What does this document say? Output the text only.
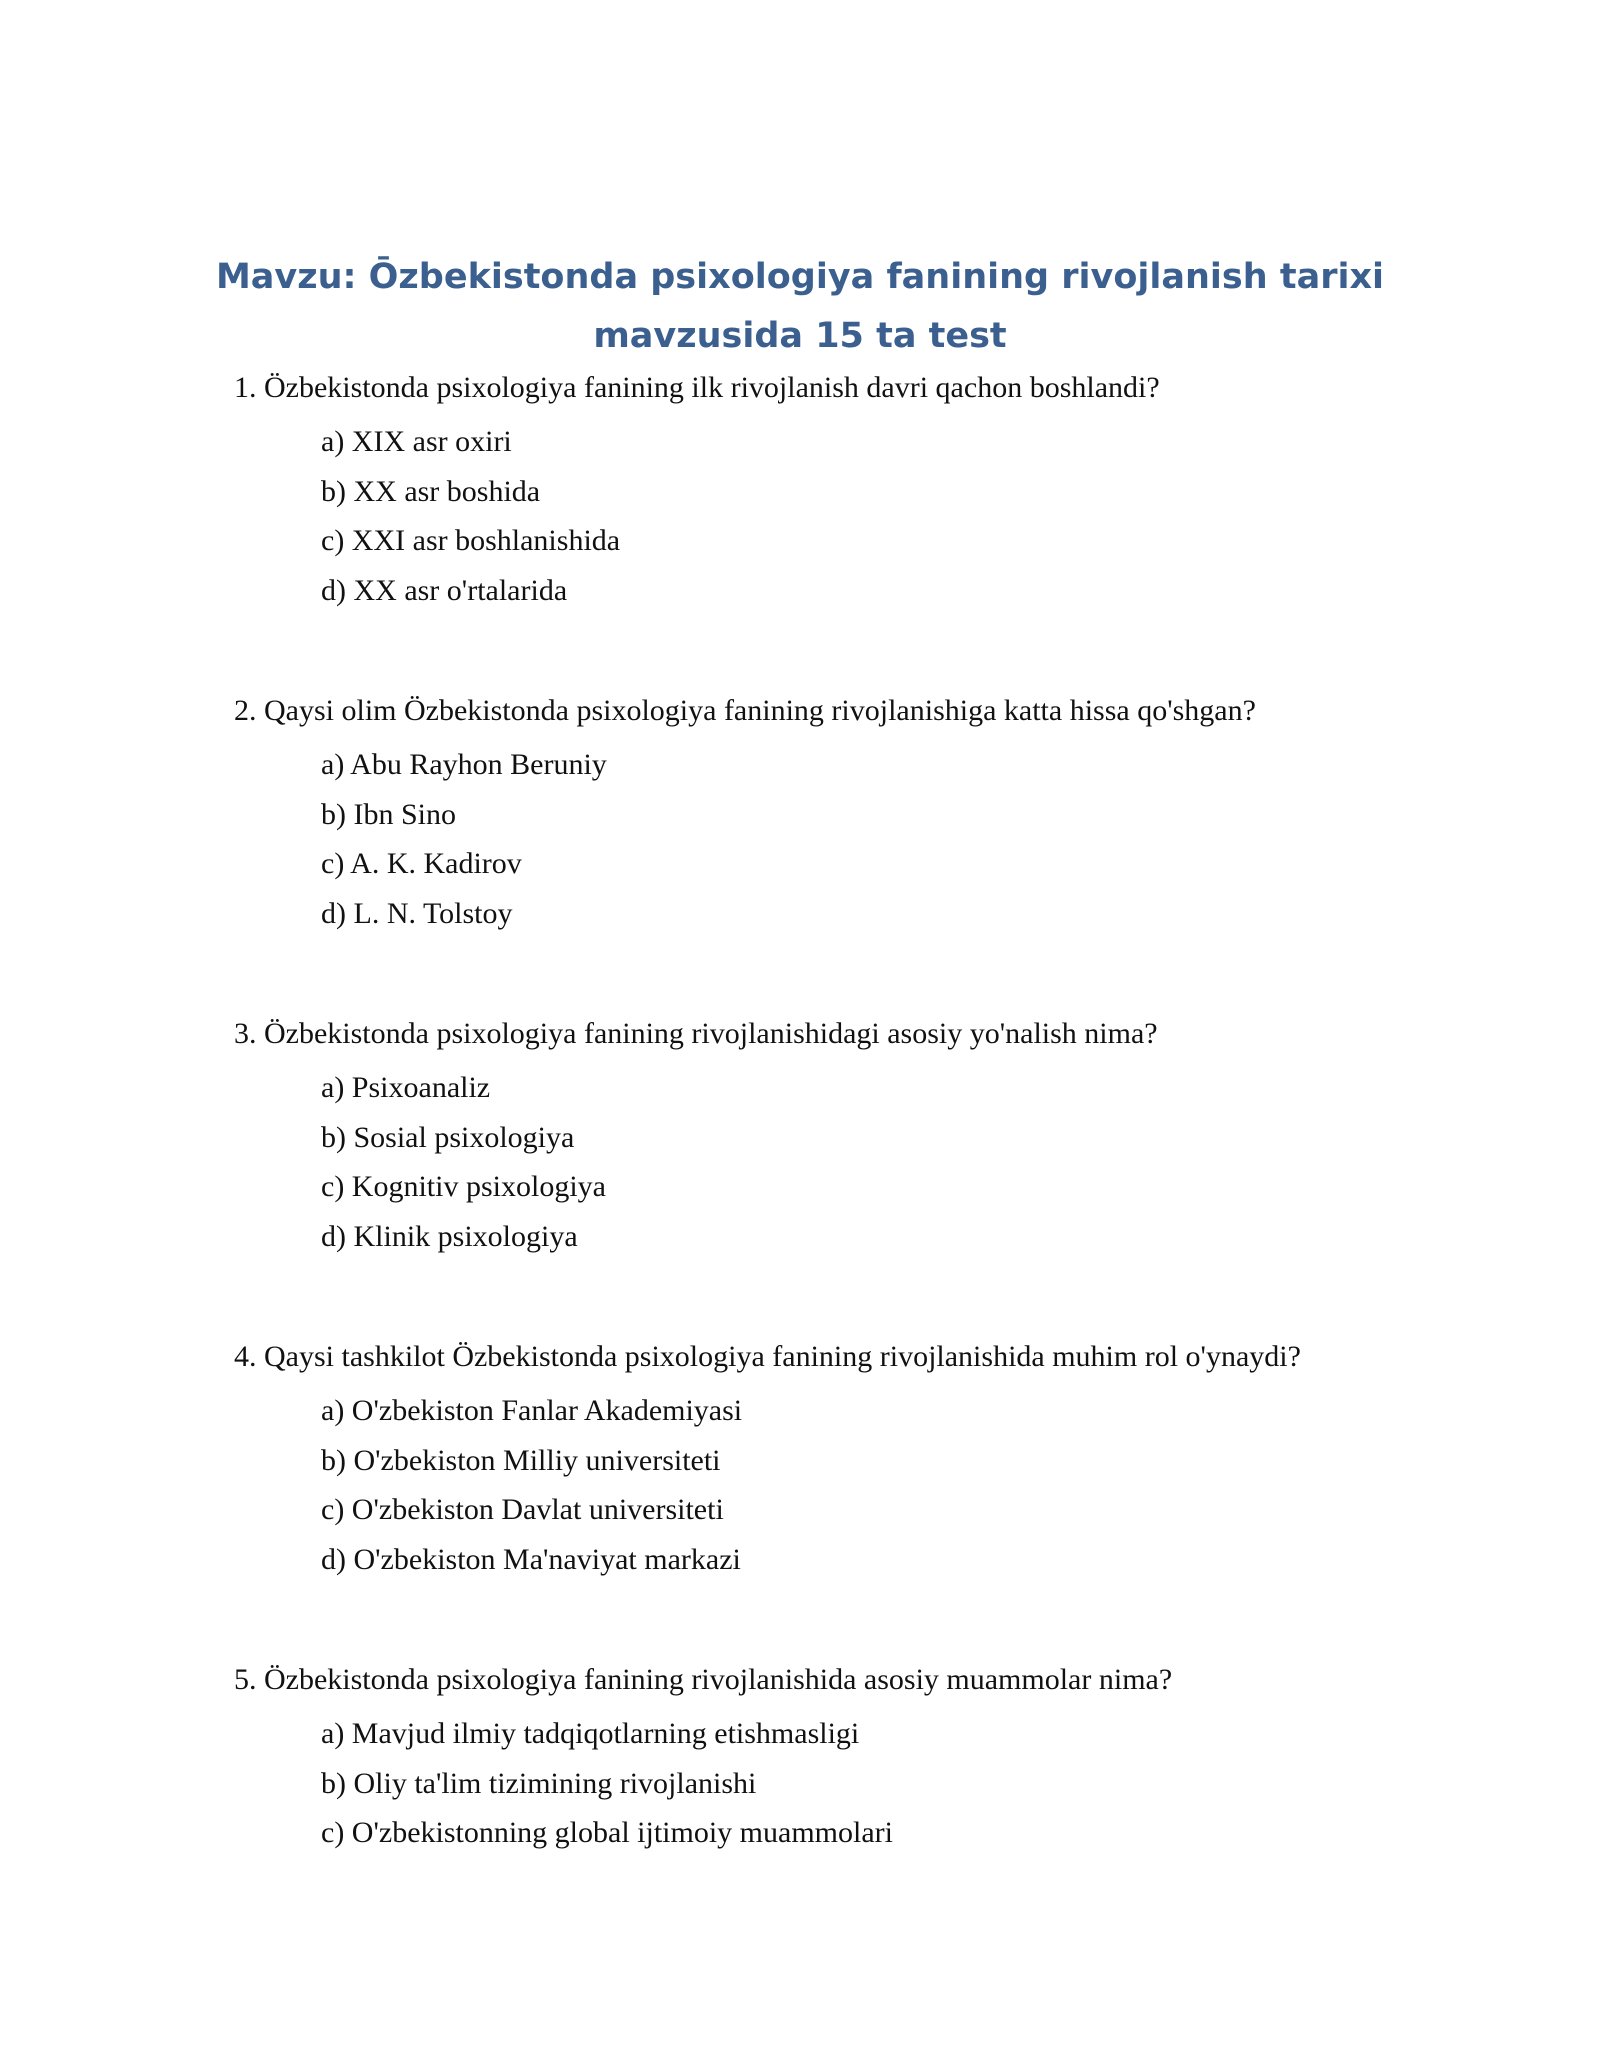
Mavzu: Ōzbekistonda psixologiya fanining rivojlanish tarixi
mavzusida 15 ta test
1. Özbekistonda psixologiya fanining ilk rivojlanish davri qachon boshlandi?
a) XIX asr oxiri
b) XX asr boshida
c) XXI asr boshlanishida
d) XX asr o'rtalarida
2. Qaysi olim Özbekistonda psixologiya fanining rivojlanishiga katta hissa qo'shgan?
a) Abu Rayhon Beruniy
b) Ibn Sino
c) A. K. Kadirov
d) L. N. Tolstoy
3. Özbekistonda psixologiya fanining rivojlanishidagi asosiy yo'nalish nima?
a) Psixoanaliz
b) Sosial psixologiya
c) Kognitiv psixologiya
d) Klinik psixologiya
4. Qaysi tashkilot Özbekistonda psixologiya fanining rivojlanishida muhim rol o'ynaydi?
a) O'zbekiston Fanlar Akademiyasi
b) O'zbekiston Milliy universiteti
c) O'zbekiston Davlat universiteti
d) O'zbekiston Ma'naviyat markazi
5. Özbekistonda psixologiya fanining rivojlanishida asosiy muammolar nima?
a) Mavjud ilmiy tadqiqotlarning etishmasligi
b) Oliy ta'lim tizimining rivojlanishi
c) O'zbekistonning global ijtimoiy muammolari
